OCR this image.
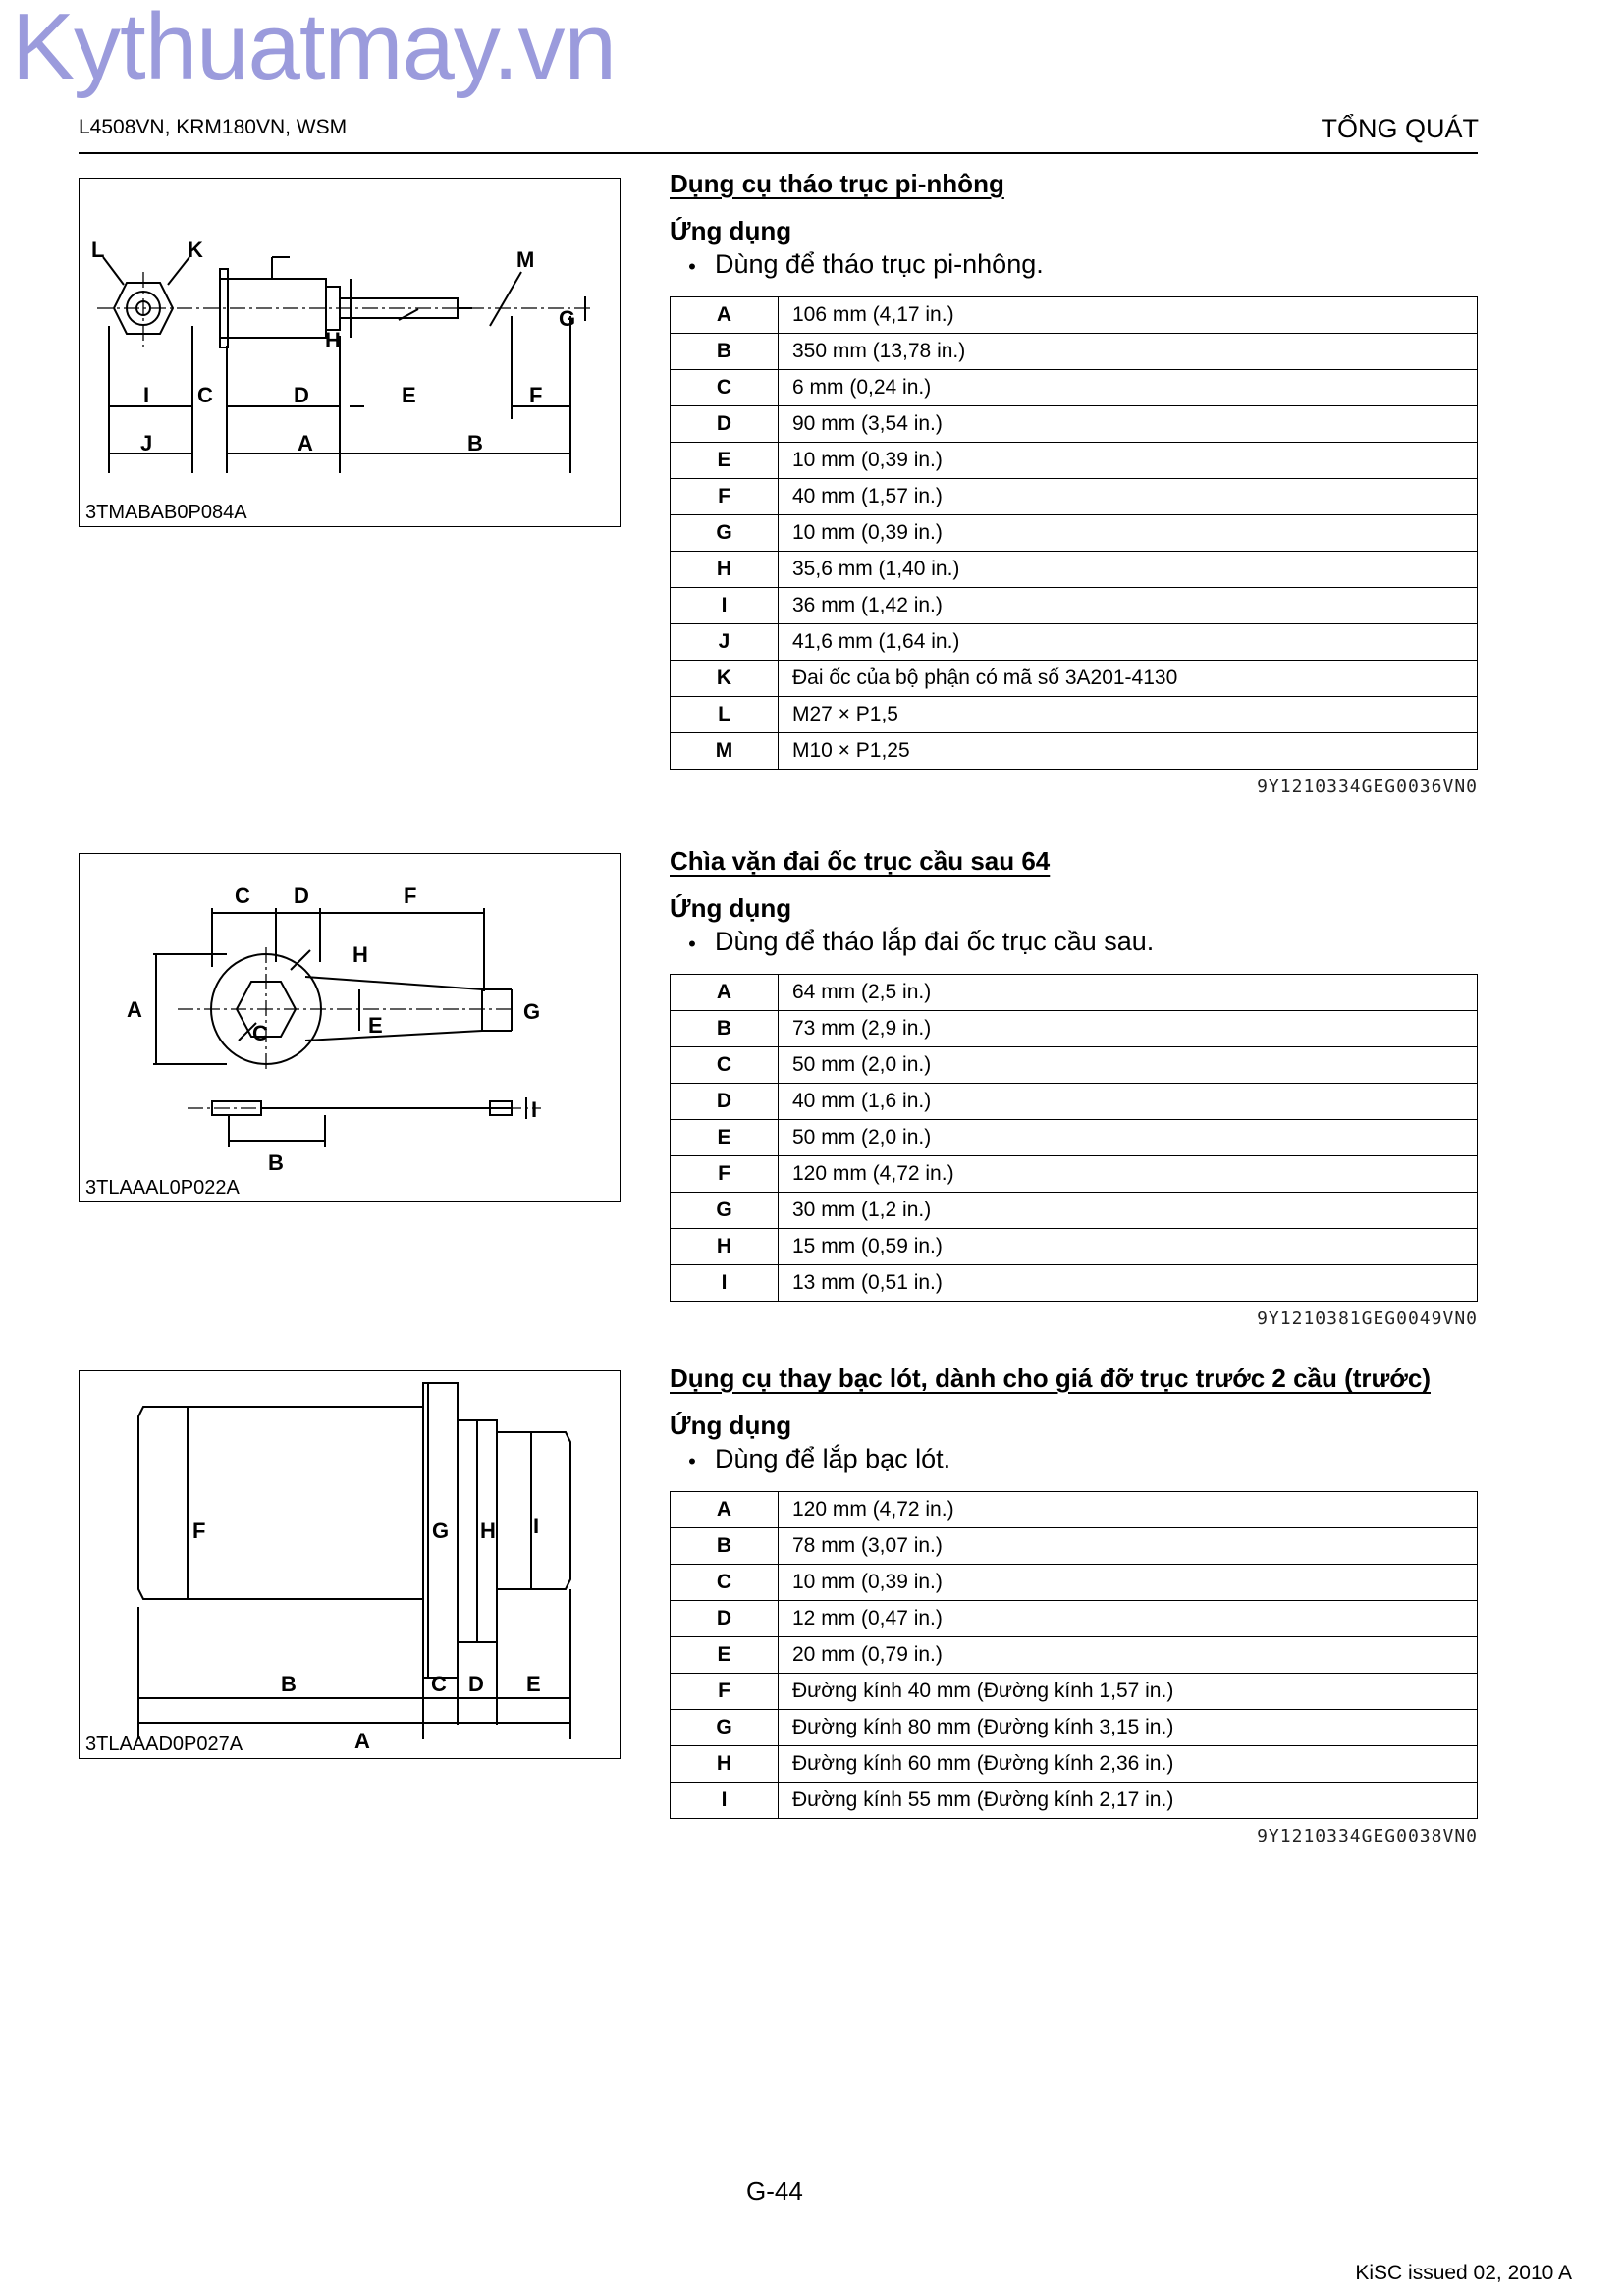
Kythuatmay.vn
L4508VN, KRM180VN, WSM	TỔNG QUÁT
L	K	M
G
H
I C	D	E	F
J	A	B
3TMABAB0P084A
C D	F
H
A
C	E
G
I
B
3TLAAAL0P022A
F	G H I
B	C D E
A
3TLAAAD0P027A
Dụng cụ tháo trục pi-nhông
Ứng dụng
• Dùng để tháo trục pi-nhông.
A	106 mm (4,17 in.)
B	350 mm (13,78 in.)
C	6 mm (0,24 in.)
D	90 mm (3,54 in.)
E	10 mm (0,39 in.)
F	40 mm (1,57 in.)
G	10 mm (0,39 in.)
H	35,6 mm (1,40 in.)
I	36 mm (1,42 in.)
J	41,6 mm (1,64 in.)
K	Đai ốc của bộ phận có mã số 3A201-4130
L	M27 × P1,5
M	M10 × P1,25
9Y1210334GEG0036VN0
Chìa vặn đai ốc trục cầu sau 64
Ứng dụng
• Dùng để tháo lắp đai ốc trục cầu sau.
A	64 mm (2,5 in.)
B	73 mm (2,9 in.)
C	50 mm (2,0 in.)
D	40 mm (1,6 in.)
E	50 mm (2,0 in.)
F	120 mm (4,72 in.)
G	30 mm (1,2 in.)
H	15 mm (0,59 in.)
I	13 mm (0,51 in.)
9Y1210381GEG0049VN0
Dụng cụ thay bạc lót, dành cho giá đỡ trục trước 2 cầu (trước)
Ứng dụng
• Dùng để lắp bạc lót.
A	120 mm (4,72 in.)
B	78 mm (3,07 in.)
C	10 mm (0,39 in.)
D	12 mm (0,47 in.)
E	20 mm (0,79 in.)
F	Đường kính 40 mm (Đường kính 1,57 in.)
G	Đường kính 80 mm (Đường kính 3,15 in.)
H	Đường kính 60 mm (Đường kính 2,36 in.)
I	Đường kính 55 mm (Đường kính 2,17 in.)
9Y1210334GEG0038VN0
G-44
KiSC issued 02, 2010 A
